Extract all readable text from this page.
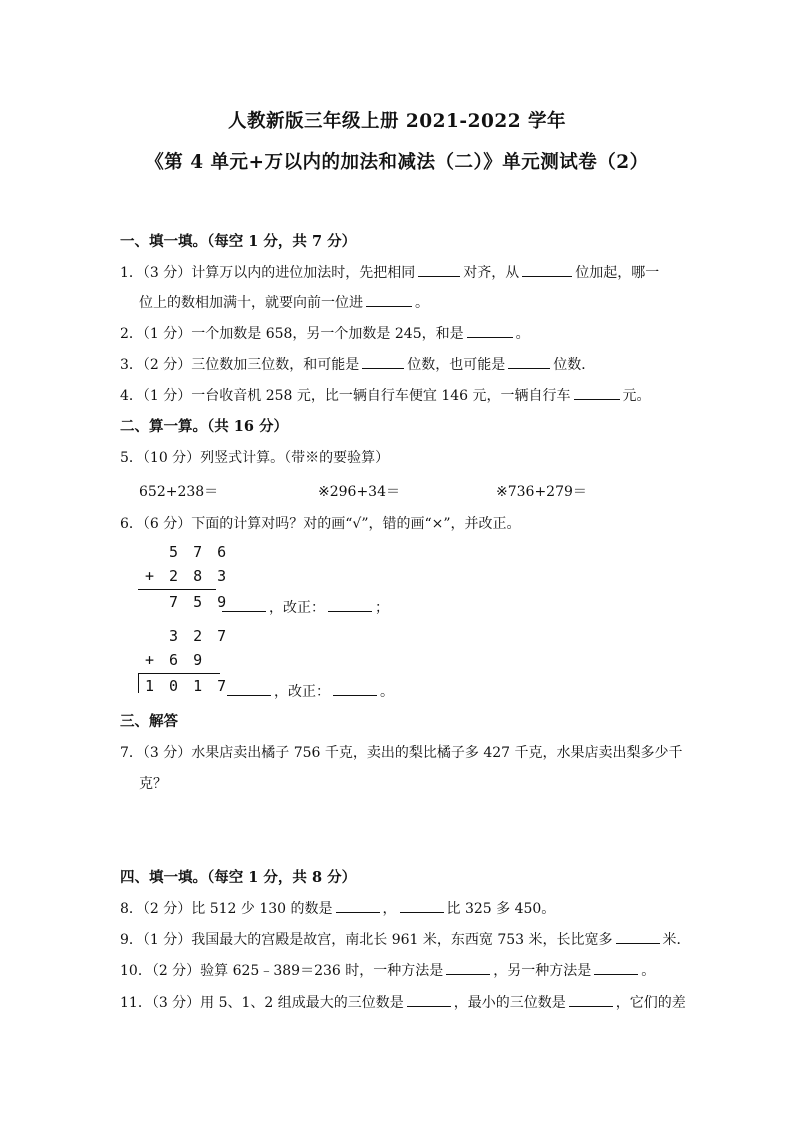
人教新版三年级上册 2021-2022 学年
《第 4 单元+万以内的加法和减法（二）》单元测试卷（2）
一、填一填。（每空 1 分，共 7 分）
1．（3 分）计算万以内的进位加法时，先把相同	对齐，从	位加起，哪一
位上的数相加满十，就要向前一位进	。
2．（1 分）一个加数是 658，另一个加数是 245，和是	。
3．（2 分）三位数加三位数，和可能是	位数，也可能是	位数．
4．（1 分）一台收音机 258 元，比一辆自行车便宜 146 元，一辆自行车	元。
二、算一算。（共 16 分）
5．（10 分）列竖式计算。（带※的要验算）
652+238＝	※296+34＝	※736+279＝
6．（6 分）下面的计算对吗？对的画“√”，错的画“×”，并改正。
5 7 6
+ 2 8 3
7 5 9	，改正：	；
3 2 7
+ 6 9
1 0 1 7	，改正：	。
三、解答
7．（3 分）水果店卖出橘子 756 千克，卖出的梨比橘子多 427 千克，水果店卖出梨多少千
克？
四、填一填。（每空 1 分，共 8 分）
8．（2 分）比 512 少 130 的数是	，	比 325 多 450。
9．（1 分）我国最大的宫殿是故宫，南北长 961 米，东西宽 753 米，长比宽多	米．
10．（2 分）验算 625﹣389＝236 时，一种方法是	，另一种方法是	。
11．（3 分）用 5、1、2 组成最大的三位数是	，最小的三位数是	，它们的差
